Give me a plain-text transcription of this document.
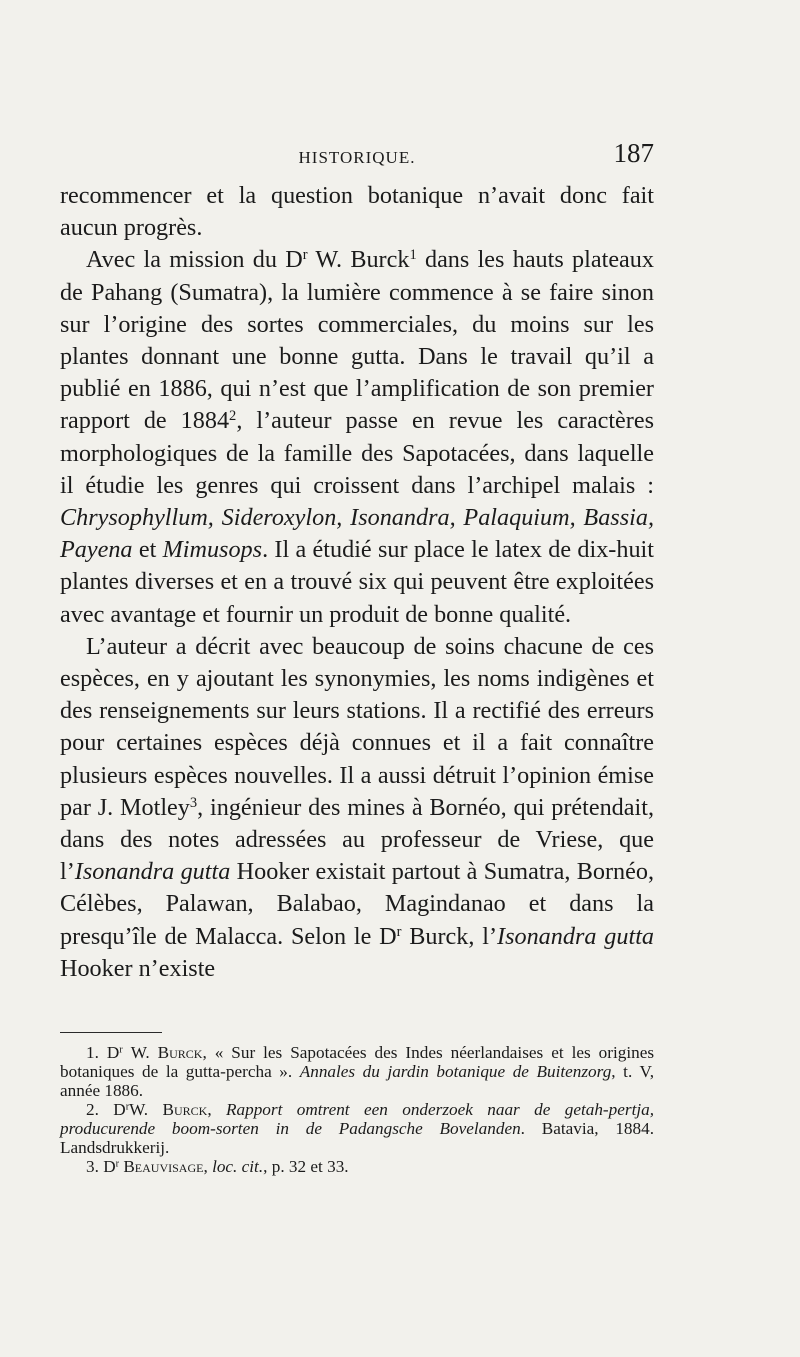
HISTORIQUE.	187

recommencer et la question botanique n’avait donc fait aucun progrès.

Avec la mission du $D^r$ W. Burck$^1$ dans les hauts plateaux de Pahang (Sumatra), la lumière commence à se faire sinon sur l’origine des sortes commerciales, du moins sur les plantes donnant une bonne gutta. Dans le travail qu’il a publié en 1886, qui n’est que l’amplification de son premier rapport de 1884$^2$, l’auteur passe en revue les caractères morphologiques de la famille des Sapotacées, dans laquelle il étudie les genres qui croissent dans l’archipel malais : Chrysophyllum, Sideroxylon, Isonandra, Palaquium, Bassia, Payena et Mimusops. Il a étudié sur place le latex de dix-huit plantes diverses et en a trouvé six qui peuvent être exploitées avec avantage et fournir un produit de bonne qualité.

L’auteur a décrit avec beaucoup de soins chacune de ces espèces, en y ajoutant les synonymies, les noms indigènes et des renseignements sur leurs stations. Il a rectifié des erreurs pour certaines espèces déjà connues et il a fait connaître plusieurs espèces nouvelles. Il a aussi détruit l’opinion émise par J. Motley$^3$, ingénieur des mines à Bornéo, qui prétendait, dans des notes adressées au professeur de Vriese, que l’Isonandra gutta Hooker existait partout à Sumatra, Bornéo, Célèbes, Palawan, Balabao, Magindanao et dans la presqu’île de Malacca. Selon le $D^r$ Burck, l’Isonandra gutta Hooker n’existe

1. $D^r$ W. Burck, « Sur les Sapotacées des Indes néerlandaises et les origines botaniques de la gutta-percha ». Annales du jardin botanique de Buitenzorg, t. V, année 1886.

2. $D^rW$. Burck, Rapport omtrent een onderzoek naar de getah-pertja, producurende boom-sorten in de Padangsche Bovelanden. Batavia, 1884. Landsdrukkerij.

3. $D^r$ Beauvisage, loc. cit., p. 32 et 33.
